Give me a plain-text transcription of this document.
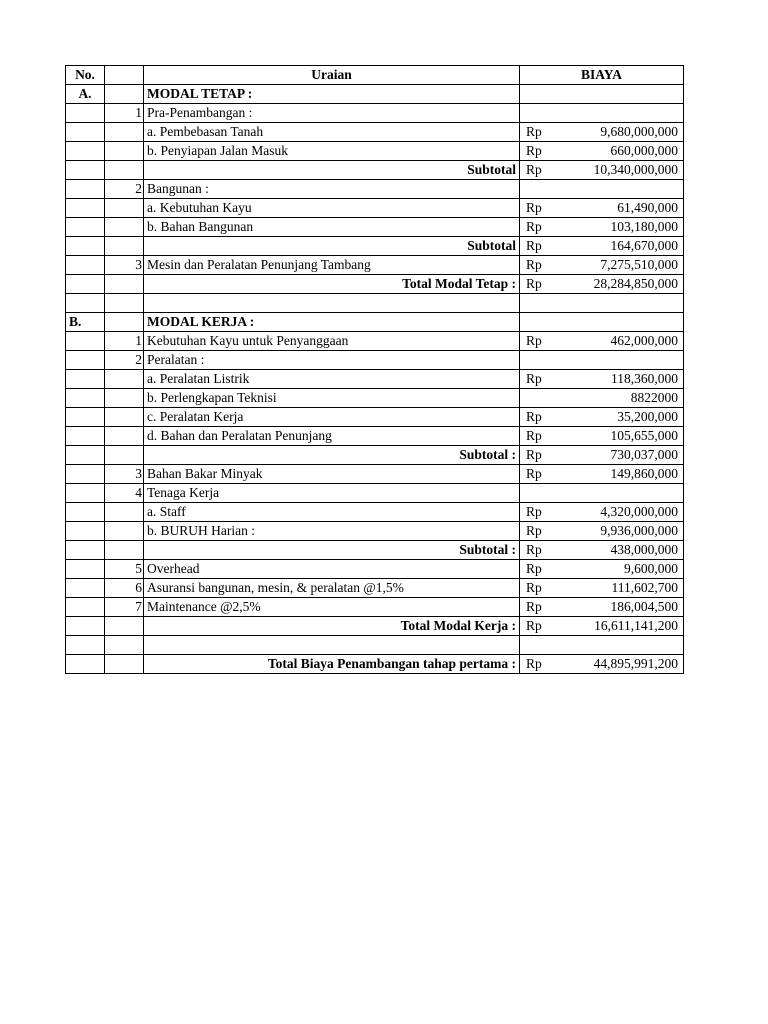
No.		Uraian	BIAYA	
A.		MODAL TETAP :		
	1	Pra-Penambangan :		
		a. Pembebasan Tanah	Rp	9,680,000,000
		b. Penyiapan Jalan Masuk	Rp	660,000,000
		Subtotal	Rp	10,340,000,000
	2	Bangunan :		
		a. Kebutuhan Kayu	Rp	61,490,000
		b. Bahan Bangunan	Rp	103,180,000
		Subtotal	Rp	164,670,000
	3	Mesin dan Peralatan Penunjang Tambang	Rp	7,275,510,000
		Total Modal Tetap :	Rp	28,284,850,000

B.		MODAL KERJA :		
	1	Kebutuhan Kayu untuk Penyanggaan	Rp	462,000,000
	2	Peralatan :		
		a. Peralatan Listrik	Rp	118,360,000
		b. Perlengkapan Teknisi		8822000
		c. Peralatan Kerja	Rp	35,200,000
		d. Bahan dan Peralatan Penunjang	Rp	105,655,000
		Subtotal :	Rp	730,037,000
	3	Bahan Bakar Minyak	Rp	149,860,000
	4	Tenaga Kerja		
		a. Staff	Rp	4,320,000,000
		b. BURUH Harian :	Rp	9,936,000,000
		Subtotal :	Rp	438,000,000
	5	Overhead	Rp	9,600,000
	6	Asuransi bangunan, mesin, & peralatan @1,5%	Rp	111,602,700
	7	Maintenance @2,5%	Rp	186,004,500
		Total Modal Kerja :	Rp	16,611,141,200

		Total Biaya Penambangan tahap pertama :	Rp	44,895,991,200
